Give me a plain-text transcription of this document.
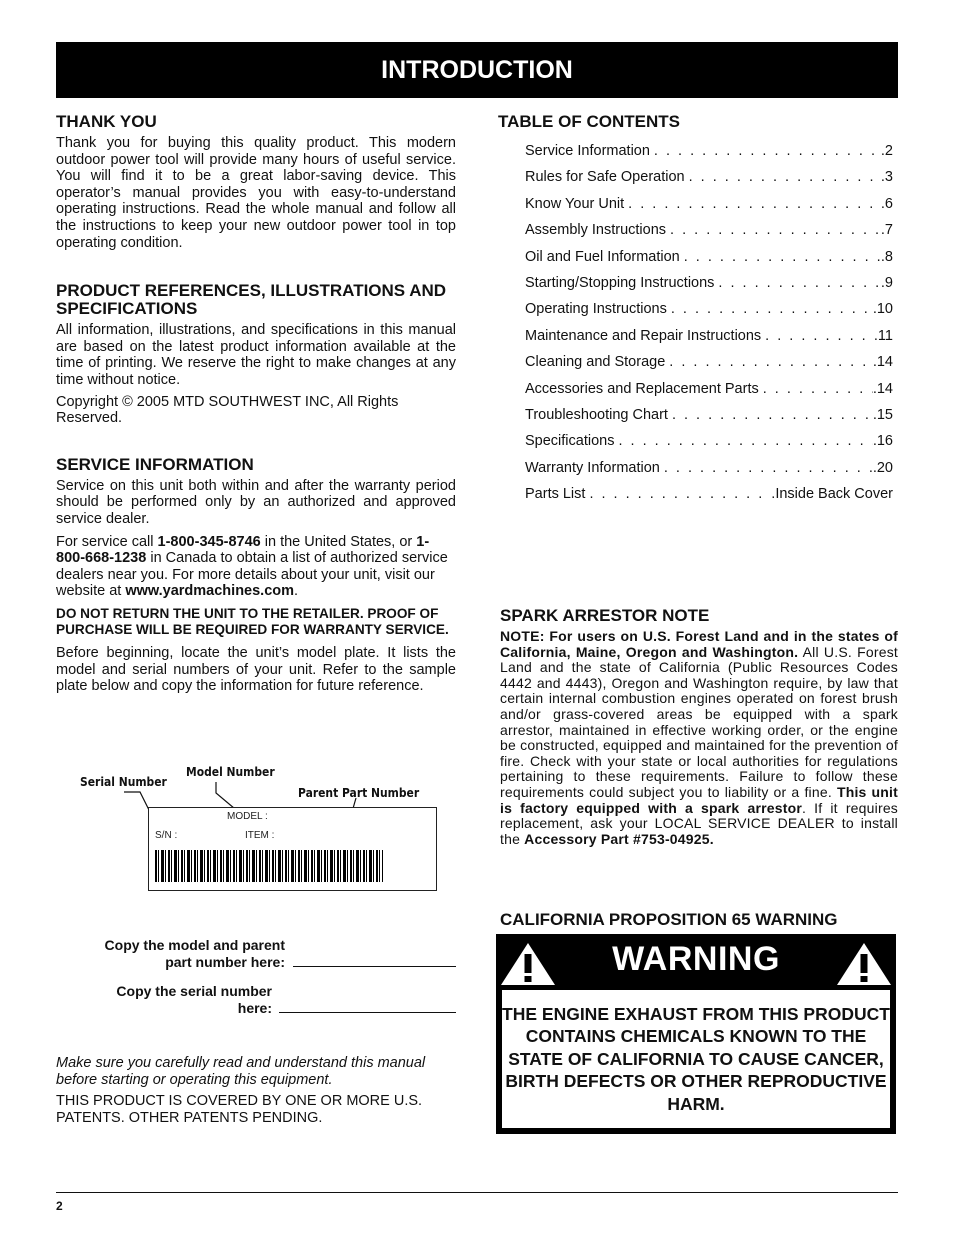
INTRODUCTION
THANK YOU

Thank you for buying this quality product. This modern outdoor power tool will provide many hours of useful service. You will find it to be a great labor-saving device. This operator’s manual provides you with easy-to-understand operating instructions. Read the whole manual and follow all the instructions to keep your new outdoor power tool in top operating condition.

PRODUCT REFERENCES, ILLUSTRATIONS AND SPECIFICATIONS

All information, illustrations, and specifications in this manual are based on the latest product information available at the time of printing. We reserve the right to make changes at any time without notice.

Copyright © 2005 MTD SOUTHWEST INC, All Rights Reserved.

SERVICE INFORMATION

Service on this unit both within and after the warranty period should be performed only by an authorized and approved service dealer.

For service call 1-800-345-8746 in the United States, or 1-800-668-1238 in Canada to obtain a list of authorized service dealers near you. For more details about your unit, visit our website at www.yardmachines.com.

DO NOT RETURN THE UNIT TO THE RETAILER. PROOF OF PURCHASE WILL BE REQUIRED FOR WARRANTY SERVICE.

Before beginning, locate the unit’s model plate. It lists the model and serial numbers of your unit. Refer to the sample plate below and copy the information for future reference.

Serial Number
Model Number
Parent Part Number
MODEL :
S/N :	ITEM :
Copy the model and parent
part number here:
Copy the serial number
here:

Make sure you carefully read and understand this manual before starting or operating this equipment.

THIS PRODUCT IS COVERED BY ONE OR MORE U.S. PATENTS. OTHER PATENTS PENDING.

TABLE OF CONTENTS
Service Information . . .	.2
Rules for Safe Operation . . .	.3
Know Your Unit . . .	.6
Assembly Instructions . . .	.7
Oil and Fuel Information . . .	.8
Starting/Stopping Instructions . . .	.9
Operating Instructions . . .	.10
Maintenance and Repair Instructions . . .	.11
Cleaning and Storage . . .	.14
Accessories and Replacement Parts . . .	.14
Troubleshooting Chart . . .	.15
Specifications . . .	.16
Warranty Information . . .	.20
Parts List . . .	.Inside Back Cover
SPARK ARRESTOR NOTE

NOTE: For users on U.S. Forest Land and in the states of California, Maine, Oregon and Washington. All U.S. Forest Land and the state of California (Public Resources Codes 4442 and 4443), Oregon and Washington require, by law that certain internal combustion engines operated on forest brush and/or grass-covered areas be equipped with a spark arrestor, maintained in effective working order, or the engine be constructed, equipped and maintained for the prevention of fire. Check with your state or local authorities for regulations pertaining to these requirements. Failure to follow these requirements could subject you to liability or a fine. This unit is factory equipped with a spark arrestor. If it requires replacement, ask your LOCAL SERVICE DEALER to install the Accessory Part #753-04925.

CALIFORNIA PROPOSITION 65 WARNING
WARNING
THE ENGINE EXHAUST FROM THIS PRODUCT CONTAINS CHEMICALS KNOWN TO THE STATE OF CALIFORNIA TO CAUSE CANCER, BIRTH DEFECTS OR OTHER REPRODUCTIVE HARM.
2
